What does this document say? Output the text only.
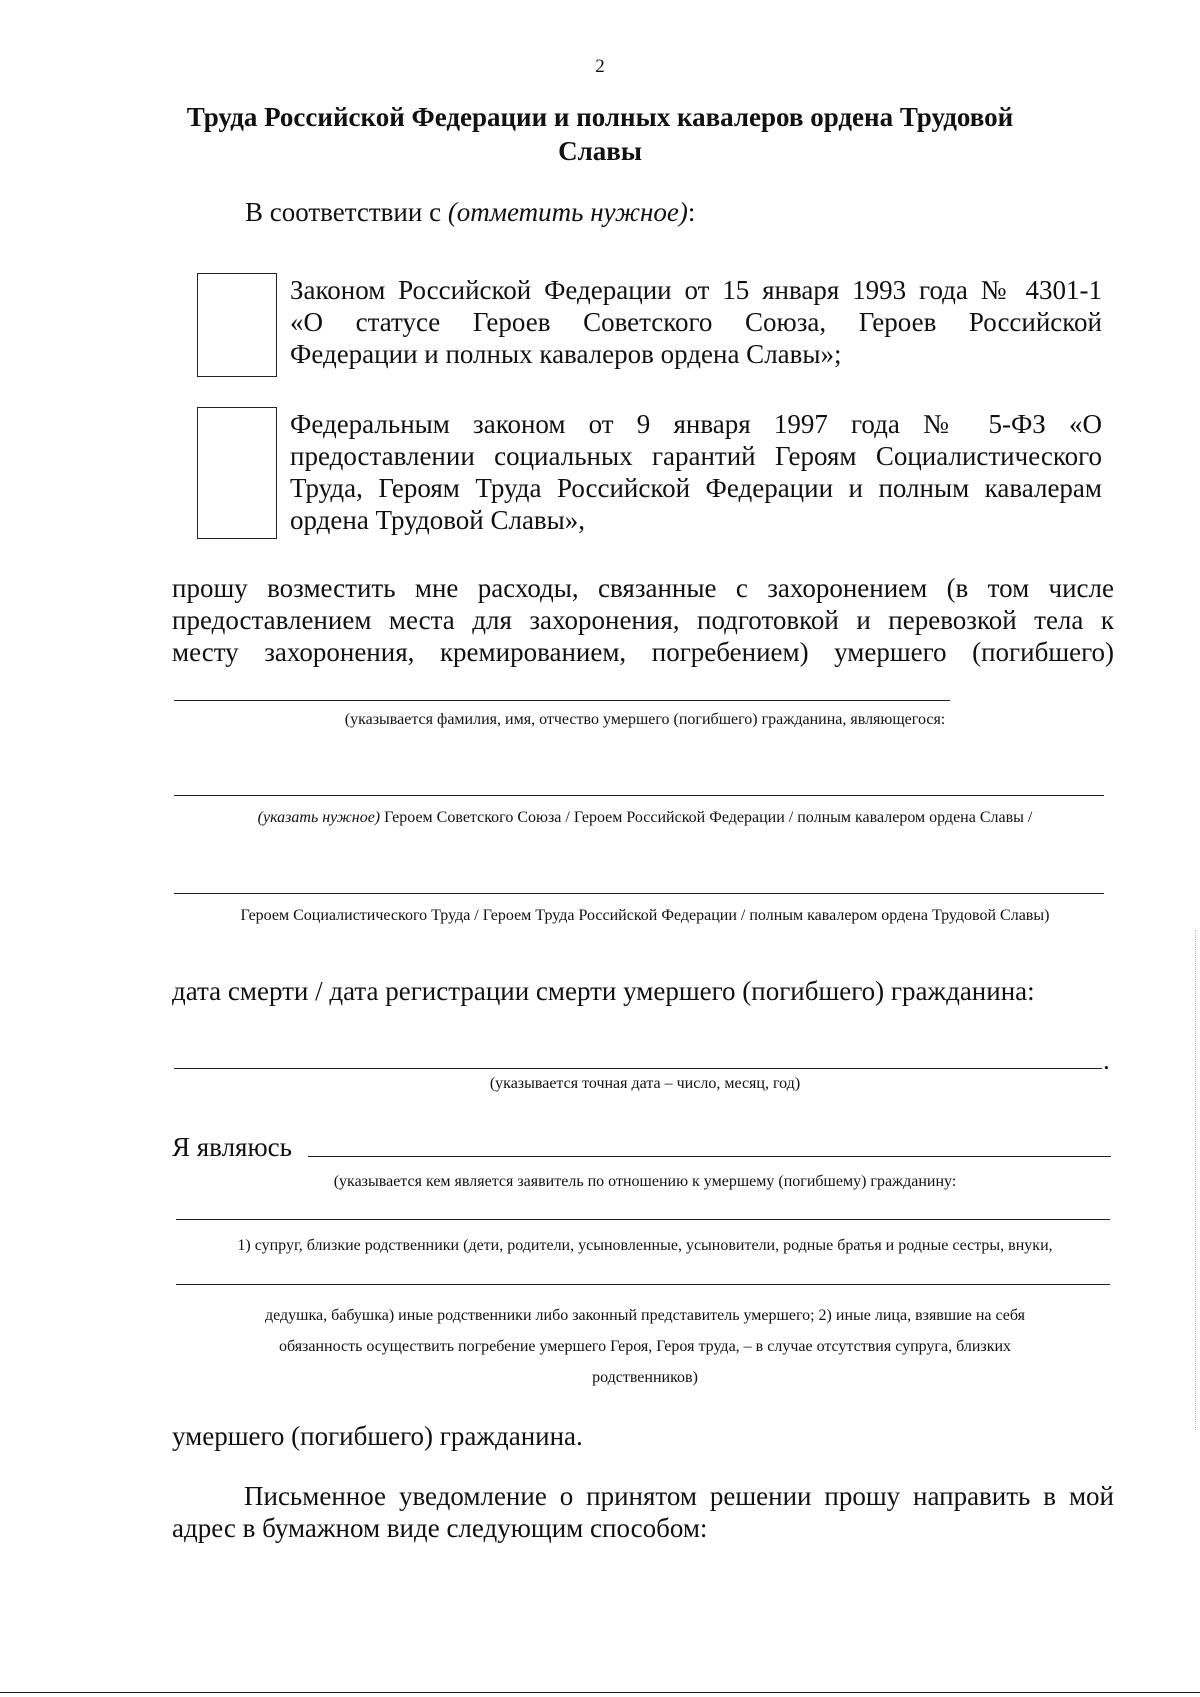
2
Труда Российской Федерации и полных кавалеров ордена Трудовой Славы
В соответствии с (отметить нужное):
Законом Российской Федерации от 15 января 1993 года № 4301-1
«О статусе Героев Советского Союза, Героев Российской
Федерации и полных кавалеров ордена Славы»;
Федеральным законом от 9 января 1997 года № 5-ФЗ «О
предоставлении социальных гарантий Героям Социалистического
Труда, Героям Труда Российской Федерации и полным кавалерам
ордена Трудовой Славы»,
прошу возместить мне расходы, связанные с захоронением (в том числе
предоставлением места для захоронения, подготовкой и перевозкой тела к
месту захоронения, кремированием, погребением) умершего (погибшего)
(указывается фамилия, имя, отчество умершего (погибшего) гражданина, являющегося:
(указать нужное) Героем Советского Союза / Героем Российской Федерации / полным кавалером ордена Славы /
Героем Социалистического Труда / Героем Труда Российской Федерации / полным кавалером ордена Трудовой Славы)
дата смерти / дата регистрации смерти умершего (погибшего) гражданина:
.
(указывается точная дата – число, месяц, год)
Я являюсь
(указывается кем является заявитель по отношению к умершему (погибшему) гражданину:
1) супруг, близкие родственники (дети, родители, усыновленные, усыновители, родные братья и родные сестры, внуки,
дедушка, бабушка) иные родственники либо законный представитель умершего; 2) иные лица, взявшие на себя
обязанность осуществить погребение умершего Героя, Героя труда, – в случае отсутствия супруга, близких
родственников)
умершего (погибшего) гражданина.
Письменное уведомление о принятом решении прошу направить в мой
адрес в бумажном виде следующим способом:
